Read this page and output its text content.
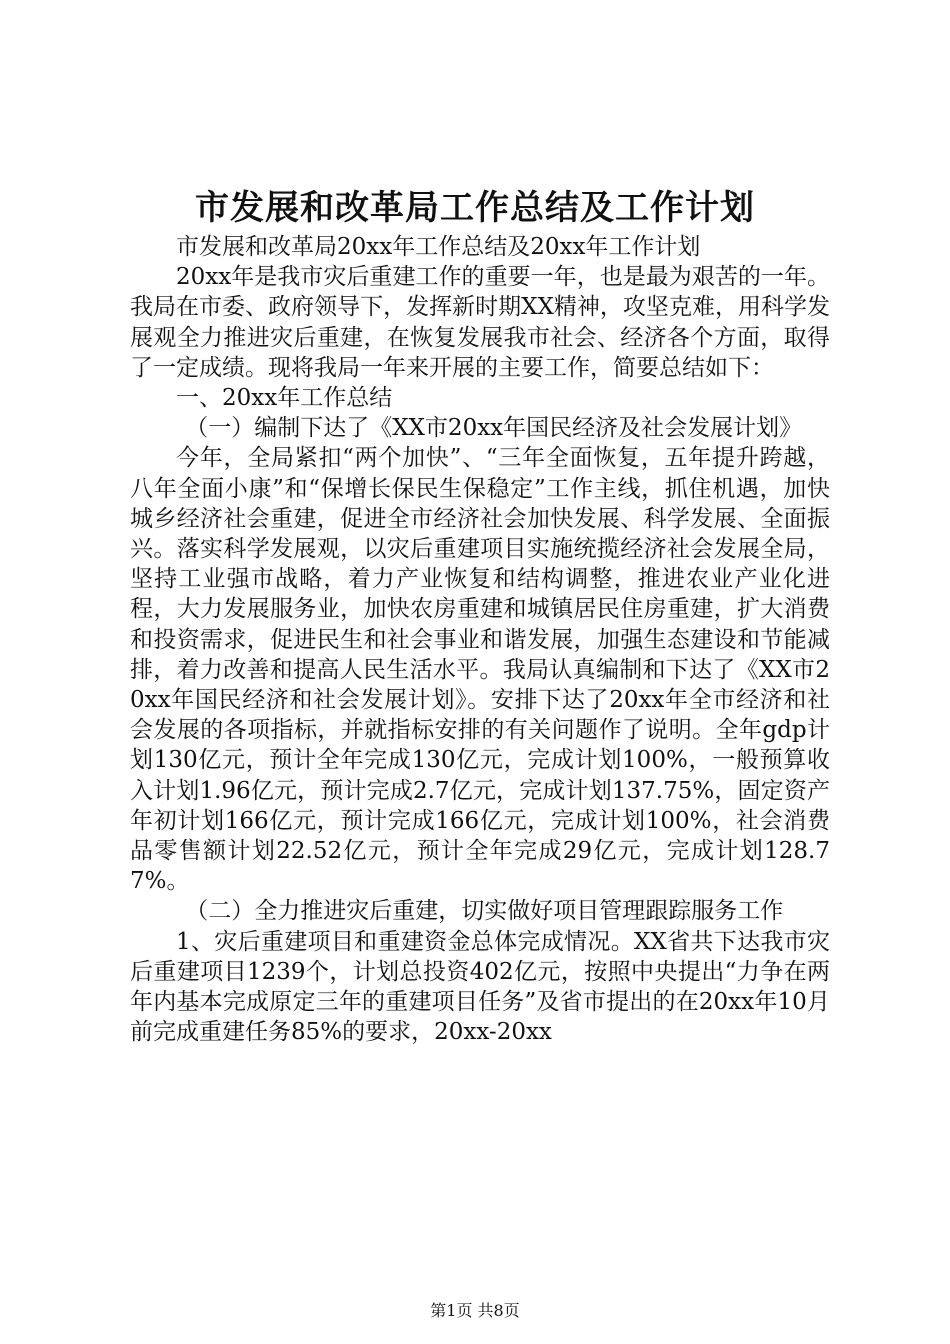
市发展和改革局工作总结及工作计划

市发展和改革局20xx年工作总结及20xx年工作计划

20xx年是我市灾后重建工作的重要一年，也是最为艰苦的一年。我局在市委、政府领导下，发挥新时期XX精神，攻坚克难，用科学发展观全力推进灾后重建，在恢复发展我市社会、经济各个方面，取得了一定成绩。现将我局一年来开展的主要工作，简要总结如下：

一、20xx年工作总结

（一）编制下达了《XX市20xx年国民经济及社会发展计划》

今年，全局紧扣“两个加快”、“三年全面恢复，五年提升跨越，八年全面小康”和“保增长保民生保稳定”工作主线，抓住机遇，加快城乡经济社会重建，促进全市经济社会加快发展、科学发展、全面振兴。落实科学发展观，以灾后重建项目实施统揽经济社会发展全局，坚持工业强市战略，着力产业恢复和结构调整，推进农业产业化进程，大力发展服务业，加快农房重建和城镇居民住房重建，扩大消费和投资需求，促进民生和社会事业和谐发展，加强生态建设和节能减排，着力改善和提高人民生活水平。我局认真编制和下达了《XX市20xx年国民经济和社会发展计划》。安排下达了20xx年全市经济和社会发展的各项指标，并就指标安排的有关问题作了说明。全年gdp计划130亿元，预计全年完成130亿元，完成计划100%，一般预算收入计划1.96亿元，预计完成2.7亿元，完成计划137.75%，固定资产年初计划166亿元，预计完成166亿元，完成计划100%，社会消费品零售额计划22.52亿元，预计全年完成29亿元，完成计划128.77%。

（二）全力推进灾后重建，切实做好项目管理跟踪服务工作

1、灾后重建项目和重建资金总体完成情况。XX省共下达我市灾后重建项目1239个，计划总投资402亿元，按照中央提出“力争在两年内基本完成原定三年的重建项目任务”及省市提出的在20xx年10月前完成重建任务85%的要求，20xx-20xx

第1页 共8页
